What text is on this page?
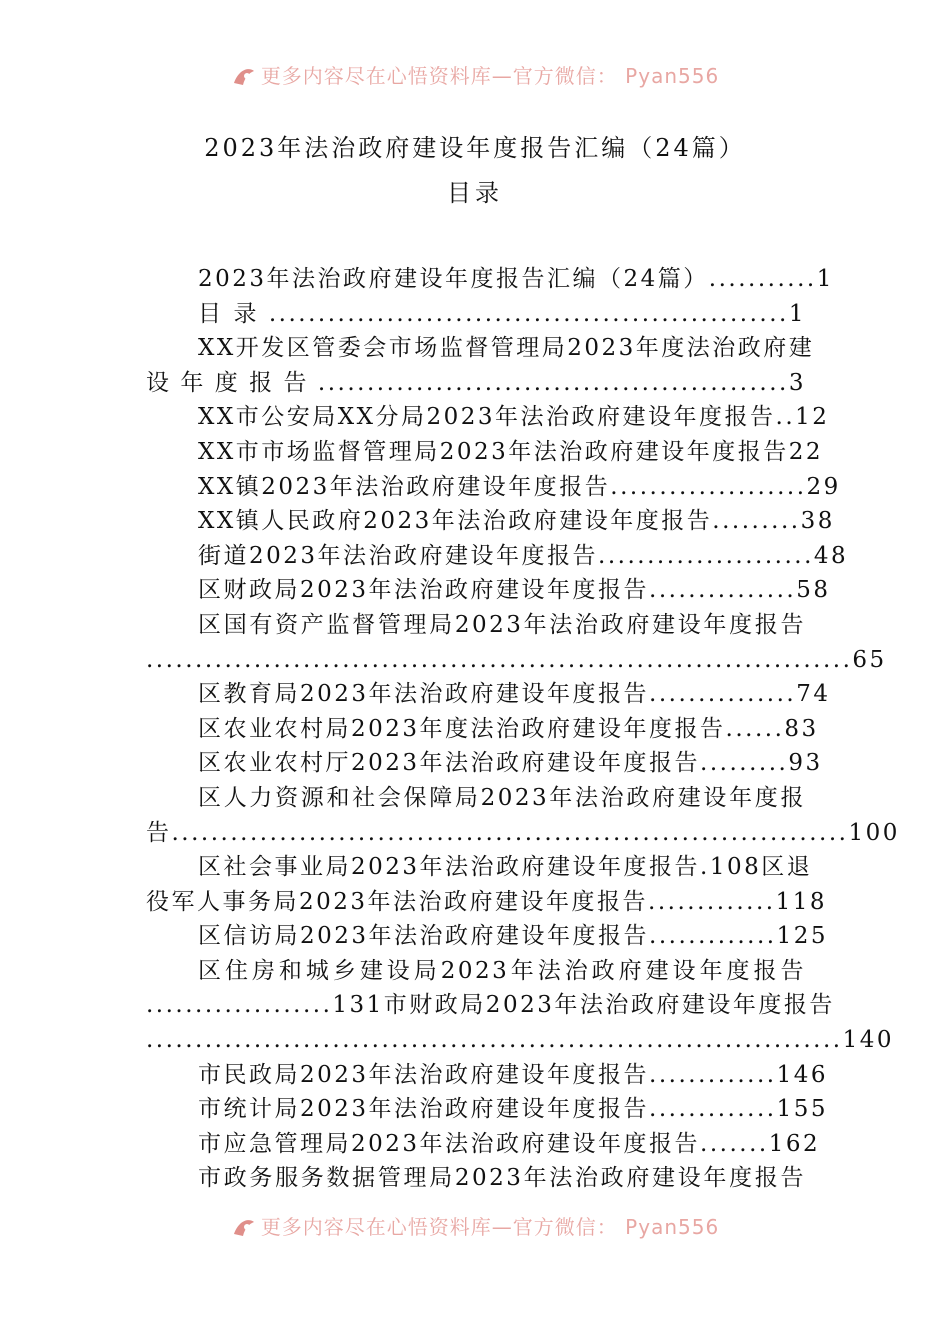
更多内容尽在心悟资料库—官方微信： Pyan556
2023年法治政府建设年度报告汇编（24篇）
目录
2023年法治政府建设年度报告汇编（24篇）...........1
目录.....................................................1
XX开发区管委会市场监督管理局2023年度法治政府建
设年度报告................................................3
XX市公安局XX分局2023年法治政府建设年度报告..12
XX市市场监督管理局2023年法治政府建设年度报告22
XX镇2023年法治政府建设年度报告....................29
XX镇人民政府2023年法治政府建设年度报告.........38
街道2023年法治政府建设年度报告......................48
区财政局2023年法治政府建设年度报告...............58
区国有资产监督管理局2023年法治政府建设年度报告
........................................................................65
区教育局2023年法治政府建设年度报告...............74
区农业农村局2023年度法治政府建设年度报告......83
区农业农村厅2023年法治政府建设年度报告.........93
区人力资源和社会保障局2023年法治政府建设年度报
告.....................................................................100
区社会事业局2023年法治政府建设年度报告.108区退
役军人事务局2023年法治政府建设年度报告.............118
区信访局2023年法治政府建设年度报告.............125
区住房和城乡建设局2023年法治政府建设年度报告
...................131市财政局2023年法治政府建设年度报告
.......................................................................140
市民政局2023年法治政府建设年度报告.............146
市统计局2023年法治政府建设年度报告.............155
市应急管理局2023年法治政府建设年度报告.......162
市政务服务数据管理局2023年法治政府建设年度报告
更多内容尽在心悟资料库—官方微信： Pyan556
